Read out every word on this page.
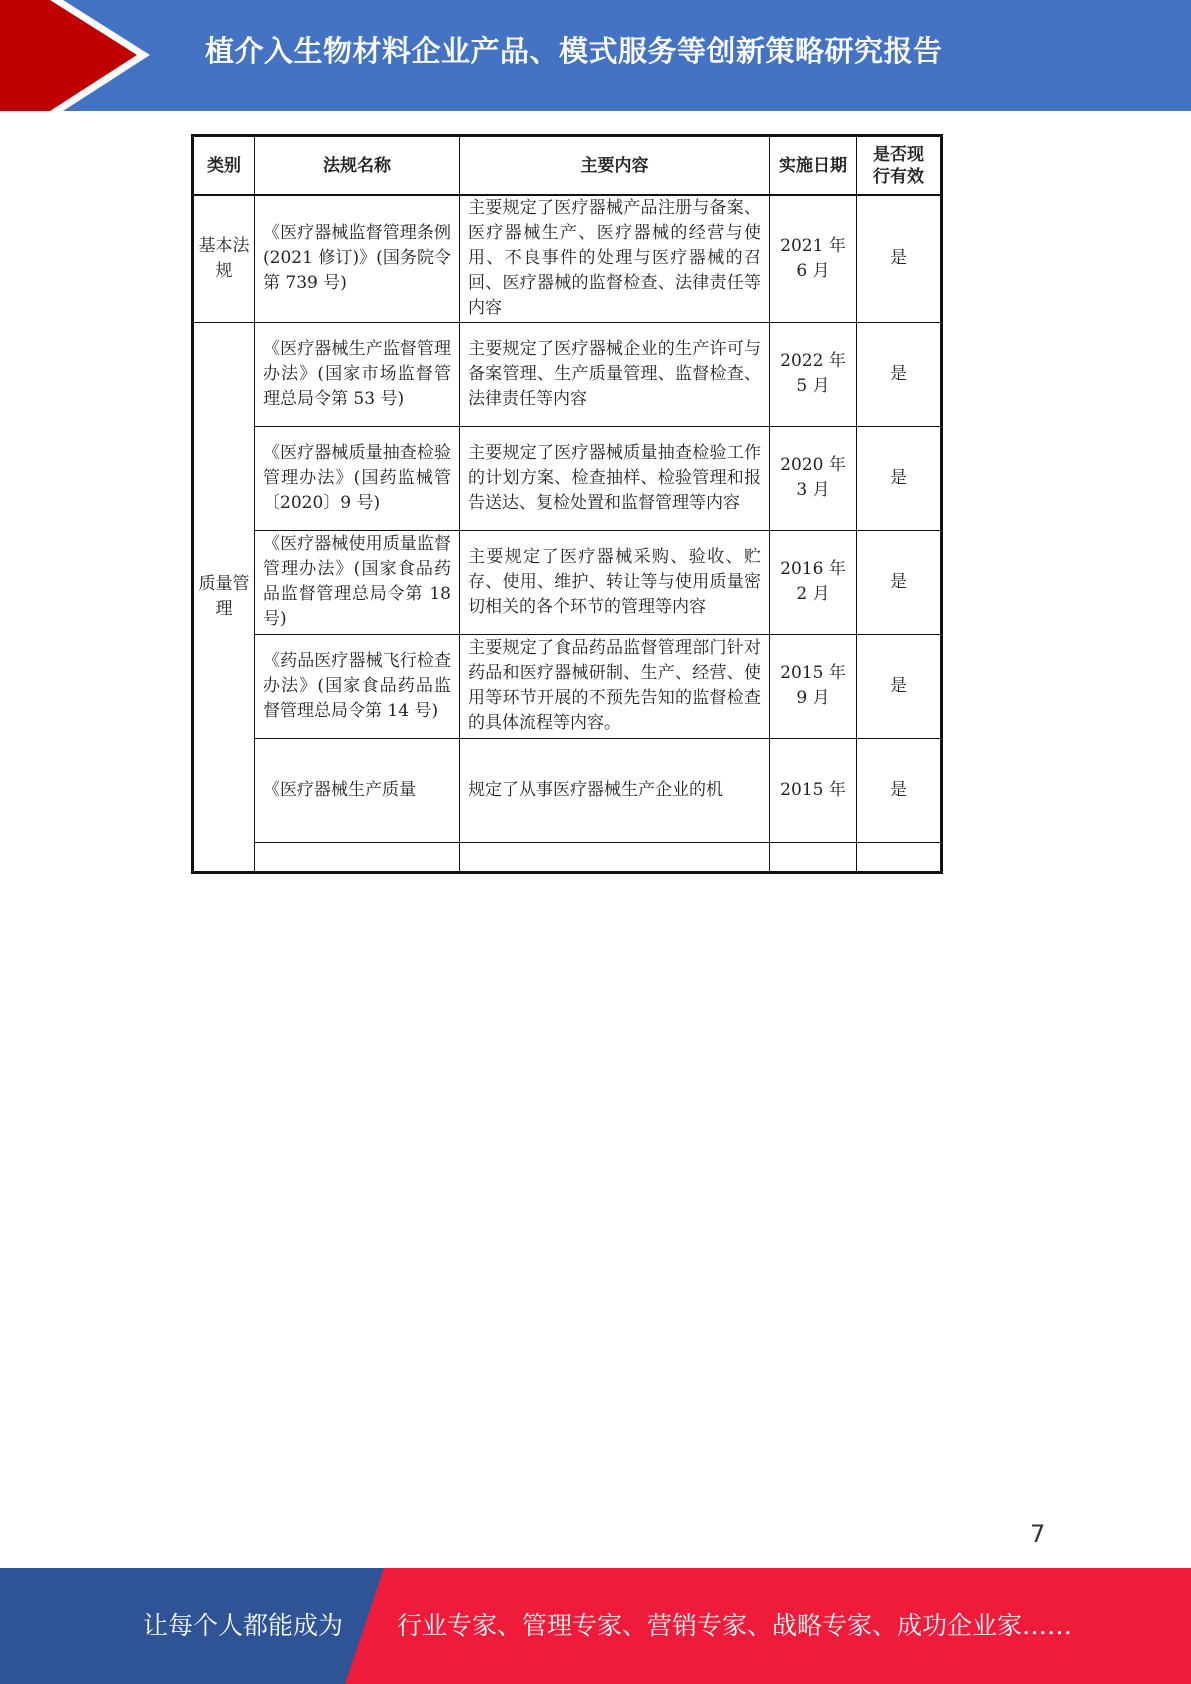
植介入生物材料企业产品、模式服务等创新策略研究报告
类别	法规名称	主要内容	实施日期	是否现行有效

基本法规	《医疗器械监督管理条例(2021 修订)》(国务院令第 739 号)	主要规定了医疗器械产品注册与备案、医疗器械生产、医疗器械的经营与使用、不良事件的处理与医疗器械的召回、医疗器械的监督检查、法律责任等内容	2021 年 6 月	是

质量管理	《医疗器械生产监督管理办法》(国家市场监督管理总局令第 53 号)	主要规定了医疗器械企业的生产许可与备案管理、生产质量管理、监督检查、法律责任等内容	2022 年 5 月	是

	《医疗器械质量抽查检验管理办法》(国药监械管〔2020〕9 号)	主要规定了医疗器械质量抽查检验工作的计划方案、检查抽样、检验管理和报告送达、复检处置和监督管理等内容	2020 年 3 月	是

	《医疗器械使用质量监督管理办法》(国家食品药品监督管理总局令第 18 号)	主要规定了医疗器械采购、验收、贮存、使用、维护、转让等与使用质量密切相关的各个环节的管理等内容	2016 年 2 月	是

	《药品医疗器械飞行检查办法》(国家食品药品监督管理总局令第 14 号)	主要规定了食品药品监督管理部门针对药品和医疗器械研制、生产、经营、使用等环节开展的不预先告知的监督检查的具体流程等内容。	2015 年 9 月	是

	《医疗器械生产质量	规定了从事医疗器械生产企业的机	2015 年	是

7
让每个人都能成为 行业专家、管理专家、营销专家、战略专家、成功企业家……
